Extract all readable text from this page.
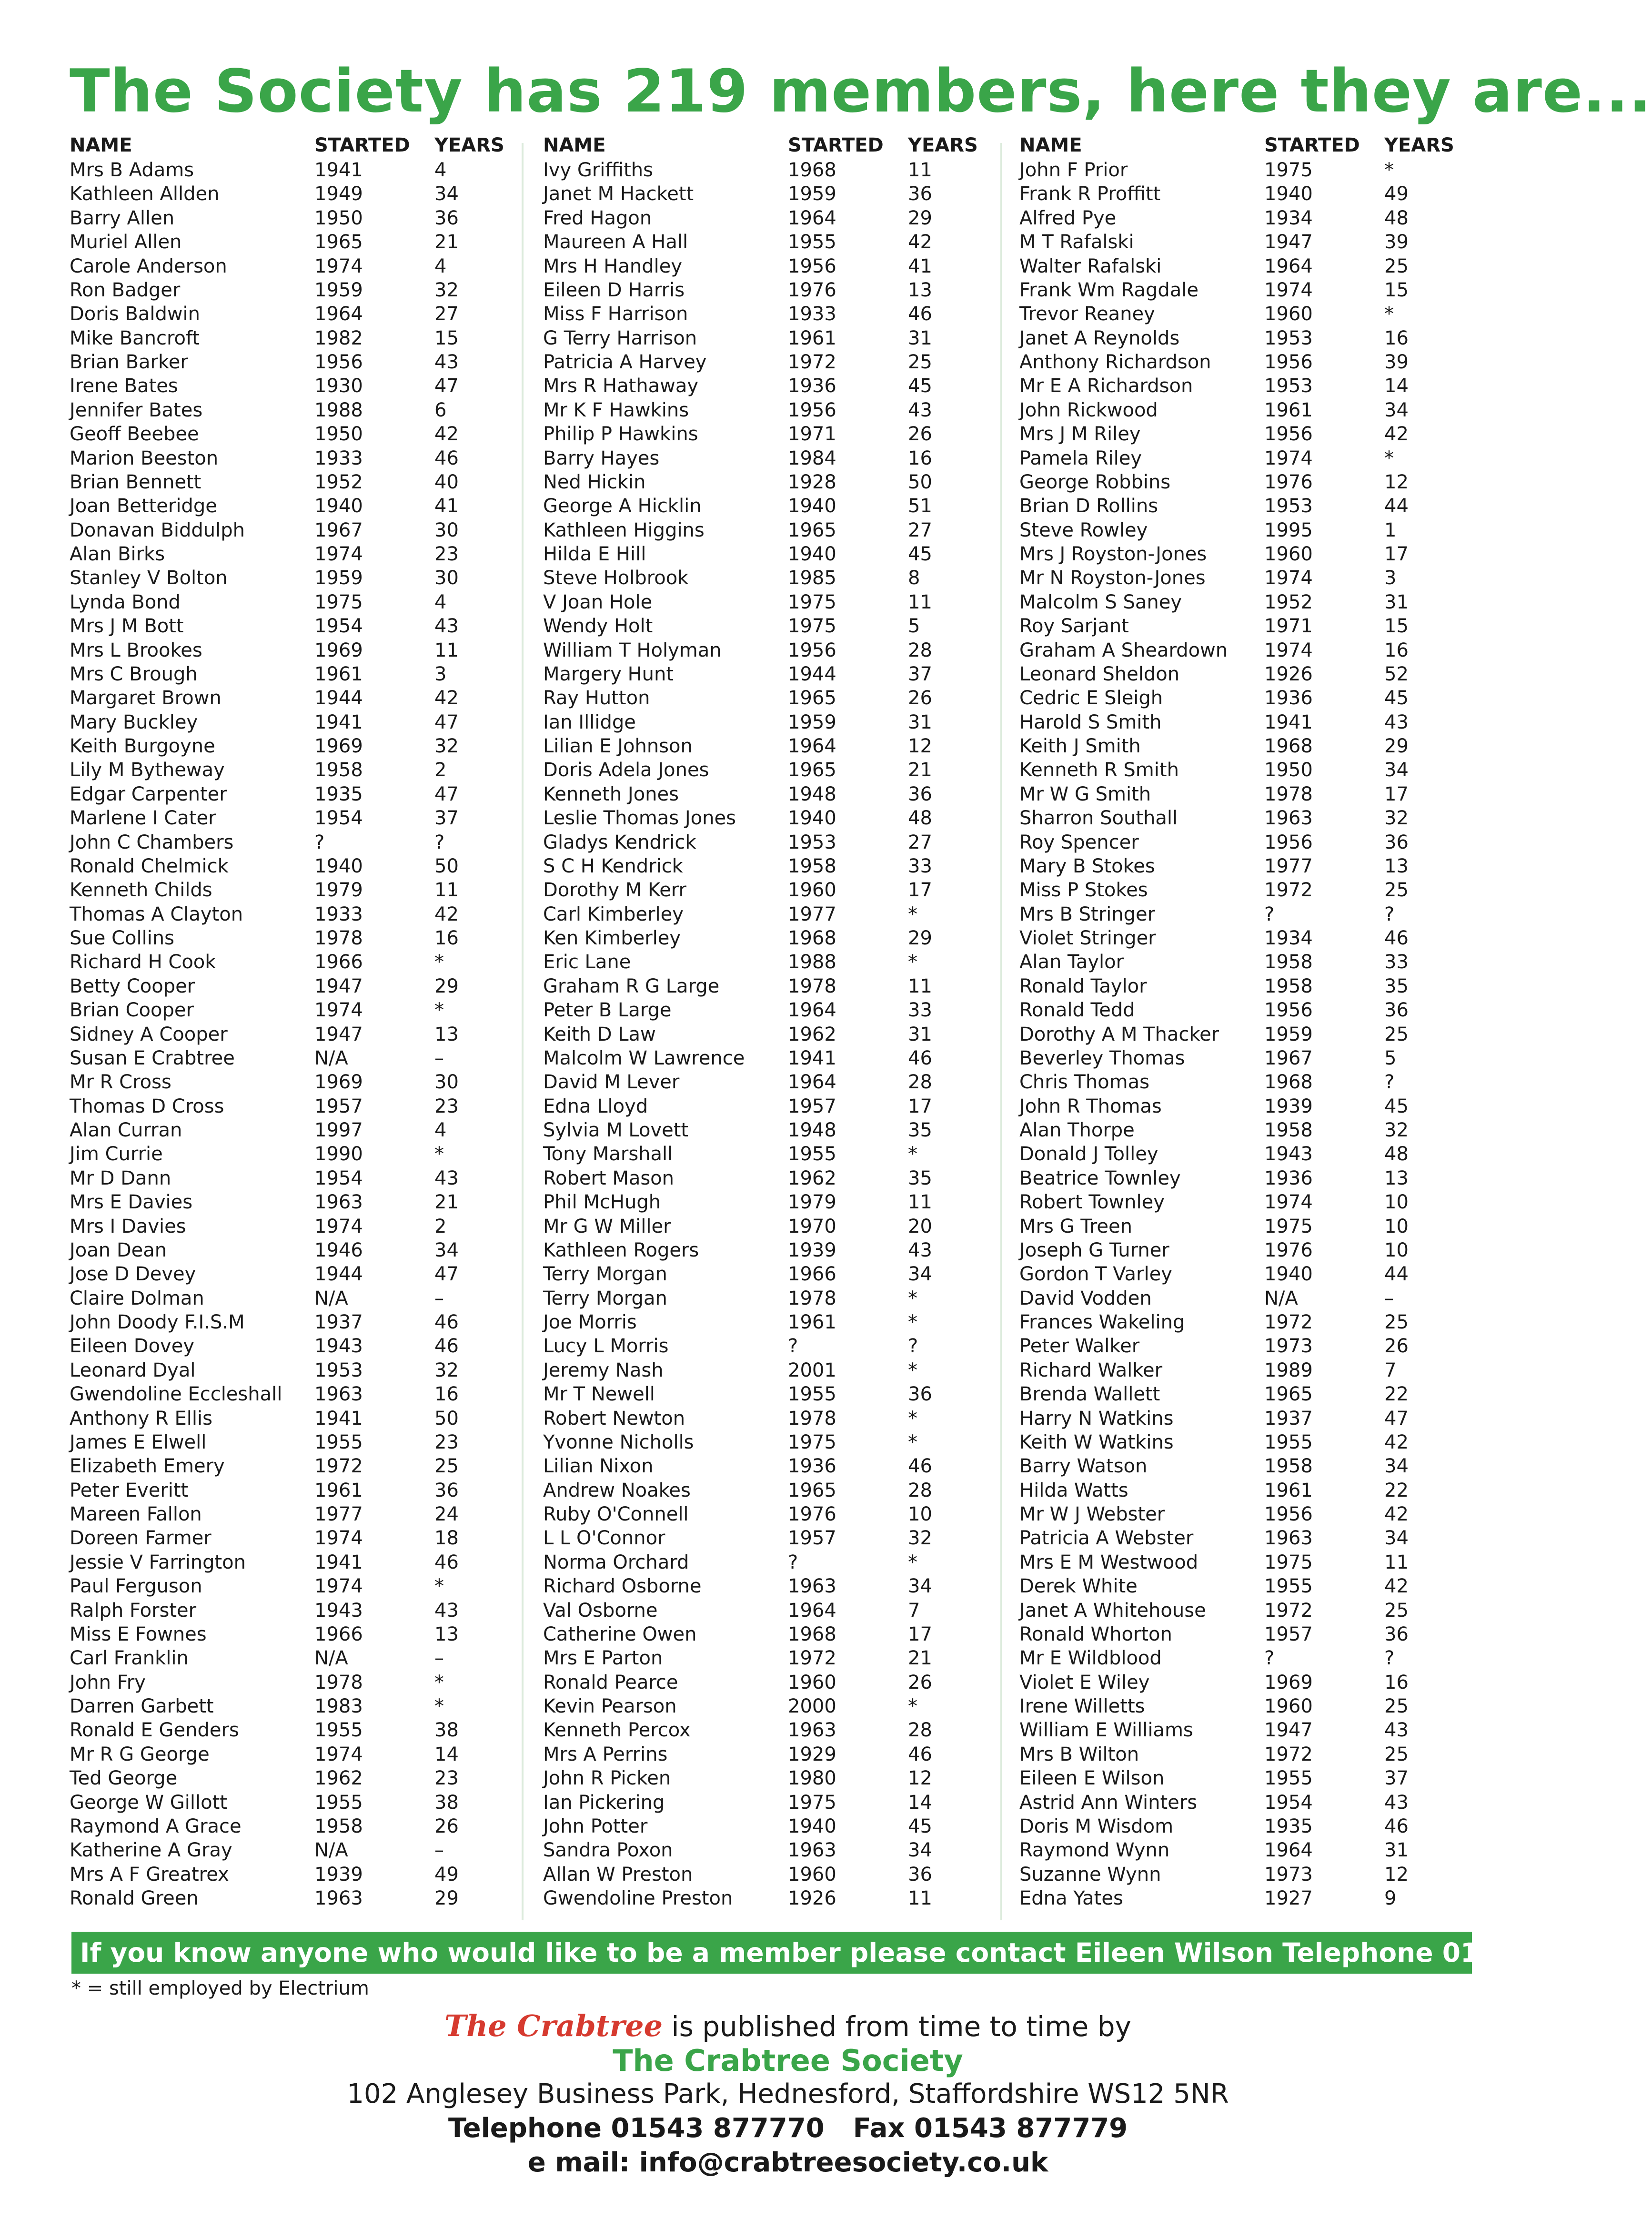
The Society has 219 members, here they are...
NAME	STARTED YEARS
Mrs B Adams	1941	4
Kathleen Allden	1949	34
Barry Allen	1950	36
Muriel Allen	1965	21
Carole Anderson	1974	4
Ron Badger	1959	32
Doris Baldwin	1964	27
Mike Bancroft	1982	15
Brian Barker	1956	43
Irene Bates	1930	47
Jennifer Bates	1988	6
Geoff Beebee	1950	42
Marion Beeston	1933	46
Brian Bennett	1952	40
Joan Betteridge	1940	41
Donavan Biddulph	1967	30
Alan Birks	1974	23
Stanley V Bolton	1959	30
Lynda Bond	1975	4
Mrs J M Bott	1954	43
Mrs L Brookes	1969	11
Mrs C Brough	1961	3
Margaret Brown	1944	42
Mary Buckley	1941	47
Keith Burgoyne	1969	32
Lily M Bytheway	1958	2
Edgar Carpenter	1935	47
Marlene I Cater	1954	37
John C Chambers	?	?
Ronald Chelmick	1940	50
Kenneth Childs	1979	11
Thomas A Clayton	1933	42
Sue Collins	1978	16
Richard H Cook	1966	*
Betty Cooper	1947	29
Brian Cooper	1974	*
Sidney A Cooper	1947	13
Susan E Crabtree	N/A	–
Mr R Cross	1969	30
Thomas D Cross	1957	23
Alan Curran	1997	4
Jim Currie	1990	*
Mr D Dann	1954	43
Mrs E Davies	1963	21
Mrs I Davies	1974	2
Joan Dean	1946	34
Jose D Devey	1944	47
Claire Dolman	N/A	–
John Doody F.I.S.M	1937	46
Eileen Dovey	1943	46
Leonard Dyal	1953	32
Gwendoline Eccleshall 1963	16
Anthony R Ellis	1941	50
James E Elwell	1955	23
Elizabeth Emery	1972	25
Peter Everitt	1961	36
Mareen Fallon	1977	24
Doreen Farmer	1974	18
Jessie V Farrington	1941	46
Paul Ferguson	1974	*
Ralph Forster	1943	43
Miss E Fownes	1966	13
Carl Franklin	N/A	–
John Fry	1978	*
Darren Garbett	1983	*
Ronald E Genders	1955	38
Mr R G George	1974	14
Ted George	1962	23
George W Gillott	1955	38
Raymond A Grace	1958	26
Katherine A Gray	N/A	–
Mrs A F Greatrex	1939	49
Ronald Green	1963	29
NAME	STARTED YEARS
Ivy Griffiths	1968	11
Janet M Hackett	1959	36
Fred Hagon	1964	29
Maureen A Hall	1955	42
Mrs H Handley	1956	41
Eileen D Harris	1976	13
Miss F Harrison	1933	46
G Terry Harrison	1961	31
Patricia A Harvey	1972	25
Mrs R Hathaway	1936	45
Mr K F Hawkins	1956	43
Philip P Hawkins	1971	26
Barry Hayes	1984	16
Ned Hickin	1928	50
George A Hicklin	1940	51
Kathleen Higgins	1965	27
Hilda E Hill	1940	45
Steve Holbrook	1985	8
V Joan Hole	1975	11
Wendy Holt	1975	5
William T Holyman	1956	28
Margery Hunt	1944	37
Ray Hutton	1965	26
Ian Illidge	1959	31
Lilian E Johnson	1964	12
Doris Adela Jones	1965	21
Kenneth Jones	1948	36
Leslie Thomas Jones	1940	48
Gladys Kendrick	1953	27
S C H Kendrick	1958	33
Dorothy M Kerr	1960	17
Carl Kimberley	1977	*
Ken Kimberley	1968	29
Eric Lane	1988	*
Graham R G Large	1978	11
Peter B Large	1964	33
Keith D Law	1962	31
Malcolm W Lawrence 1941	46
David M Lever	1964	28
Edna Lloyd	1957	17
Sylvia M Lovett	1948	35
Tony Marshall	1955	*
Robert Mason	1962	35
Phil McHugh	1979	11
Mr G W Miller	1970	20
Kathleen Rogers	1939	43
Terry Morgan	1966	34
Terry Morgan	1978	*
Joe Morris	1961	*
Lucy L Morris	?	?
Jeremy Nash	2001	*
Mr T Newell	1955	36
Robert Newton	1978	*
Yvonne Nicholls	1975	*
Lilian Nixon	1936	46
Andrew Noakes	1965	28
Ruby O'Connell	1976	10
L L O'Connor	1957	32
Norma Orchard	?	*
Richard Osborne	1963	34
Val Osborne	1964	7
Catherine Owen	1968	17
Mrs E Parton	1972	21
Ronald Pearce	1960	26
Kevin Pearson	2000	*
Kenneth Percox	1963	28
Mrs A Perrins	1929	46
John R Picken	1980	12
Ian Pickering	1975	14
John Potter	1940	45
Sandra Poxon	1963	34
Allan W Preston	1960	36
Gwendoline Preston	1926	11
NAME	STARTED YEARS
John F Prior	1975	*
Frank R Proffitt	1940	49
Alfred Pye	1934	48
M T Rafalski	1947	39
Walter Rafalski	1964	25
Frank Wm Ragdale	1974	15
Trevor Reaney	1960	*
Janet A Reynolds	1953	16
Anthony Richardson	1956	39
Mr E A Richardson	1953	14
John Rickwood	1961	34
Mrs J M Riley	1956	42
Pamela Riley	1974	*
George Robbins	1976	12
Brian D Rollins	1953	44
Steve Rowley	1995	1
Mrs J Royston-Jones	1960	17
Mr N Royston-Jones	1974	3
Malcolm S Saney	1952	31
Roy Sarjant	1971	15
Graham A Sheardown 1974	16
Leonard Sheldon	1926	52
Cedric E Sleigh	1936	45
Harold S Smith	1941	43
Keith J Smith	1968	29
Kenneth R Smith	1950	34
Mr W G Smith	1978	17
Sharron Southall	1963	32
Roy Spencer	1956	36
Mary B Stokes	1977	13
Miss P Stokes	1972	25
Mrs B Stringer	?	?
Violet Stringer	1934	46
Alan Taylor	1958	33
Ronald Taylor	1958	35
Ronald Tedd	1956	36
Dorothy A M Thacker 1959	25
Beverley Thomas	1967	5
Chris Thomas	1968	?
John R Thomas	1939	45
Alan Thorpe	1958	32
Donald J Tolley	1943	48
Beatrice Townley	1936	13
Robert Townley	1974	10
Mrs G Treen	1975	10
Joseph G Turner	1976	10
Gordon T Varley	1940	44
David Vodden	N/A	–
Frances Wakeling	1972	25
Peter Walker	1973	26
Richard Walker	1989	7
Brenda Wallett	1965	22
Harry N Watkins	1937	47
Keith W Watkins	1955	42
Barry Watson	1958	34
Hilda Watts	1961	22
Mr W J Webster	1956	42
Patricia A Webster	1963	34
Mrs E M Westwood	1975	11
Derek White	1955	42
Janet A Whitehouse	1972	25
Ronald Whorton	1957	36
Mr E Wildblood	?	?
Violet E Wiley	1969	16
Irene Willetts	1960	25
William E Williams	1947	43
Mrs B Wilton	1972	25
Eileen E Wilson	1955	37
Astrid Ann Winters	1954	43
Doris M Wisdom	1935	46
Raymond Wynn	1964	31
Suzanne Wynn	1973	12
Edna Yates	1927	9
If you know anyone who would like to be a member please contact Eileen Wilson Telephone 01922 638487
* = still employed by Electrium
The Crabtree is published from time to time by
The Crabtree Society
102 Anglesey Business Park, Hednesford, Staffordshire WS12 5NR
Telephone 01543 877770 Fax 01543 877779
e mail: info@crabtreesociety.co.uk
